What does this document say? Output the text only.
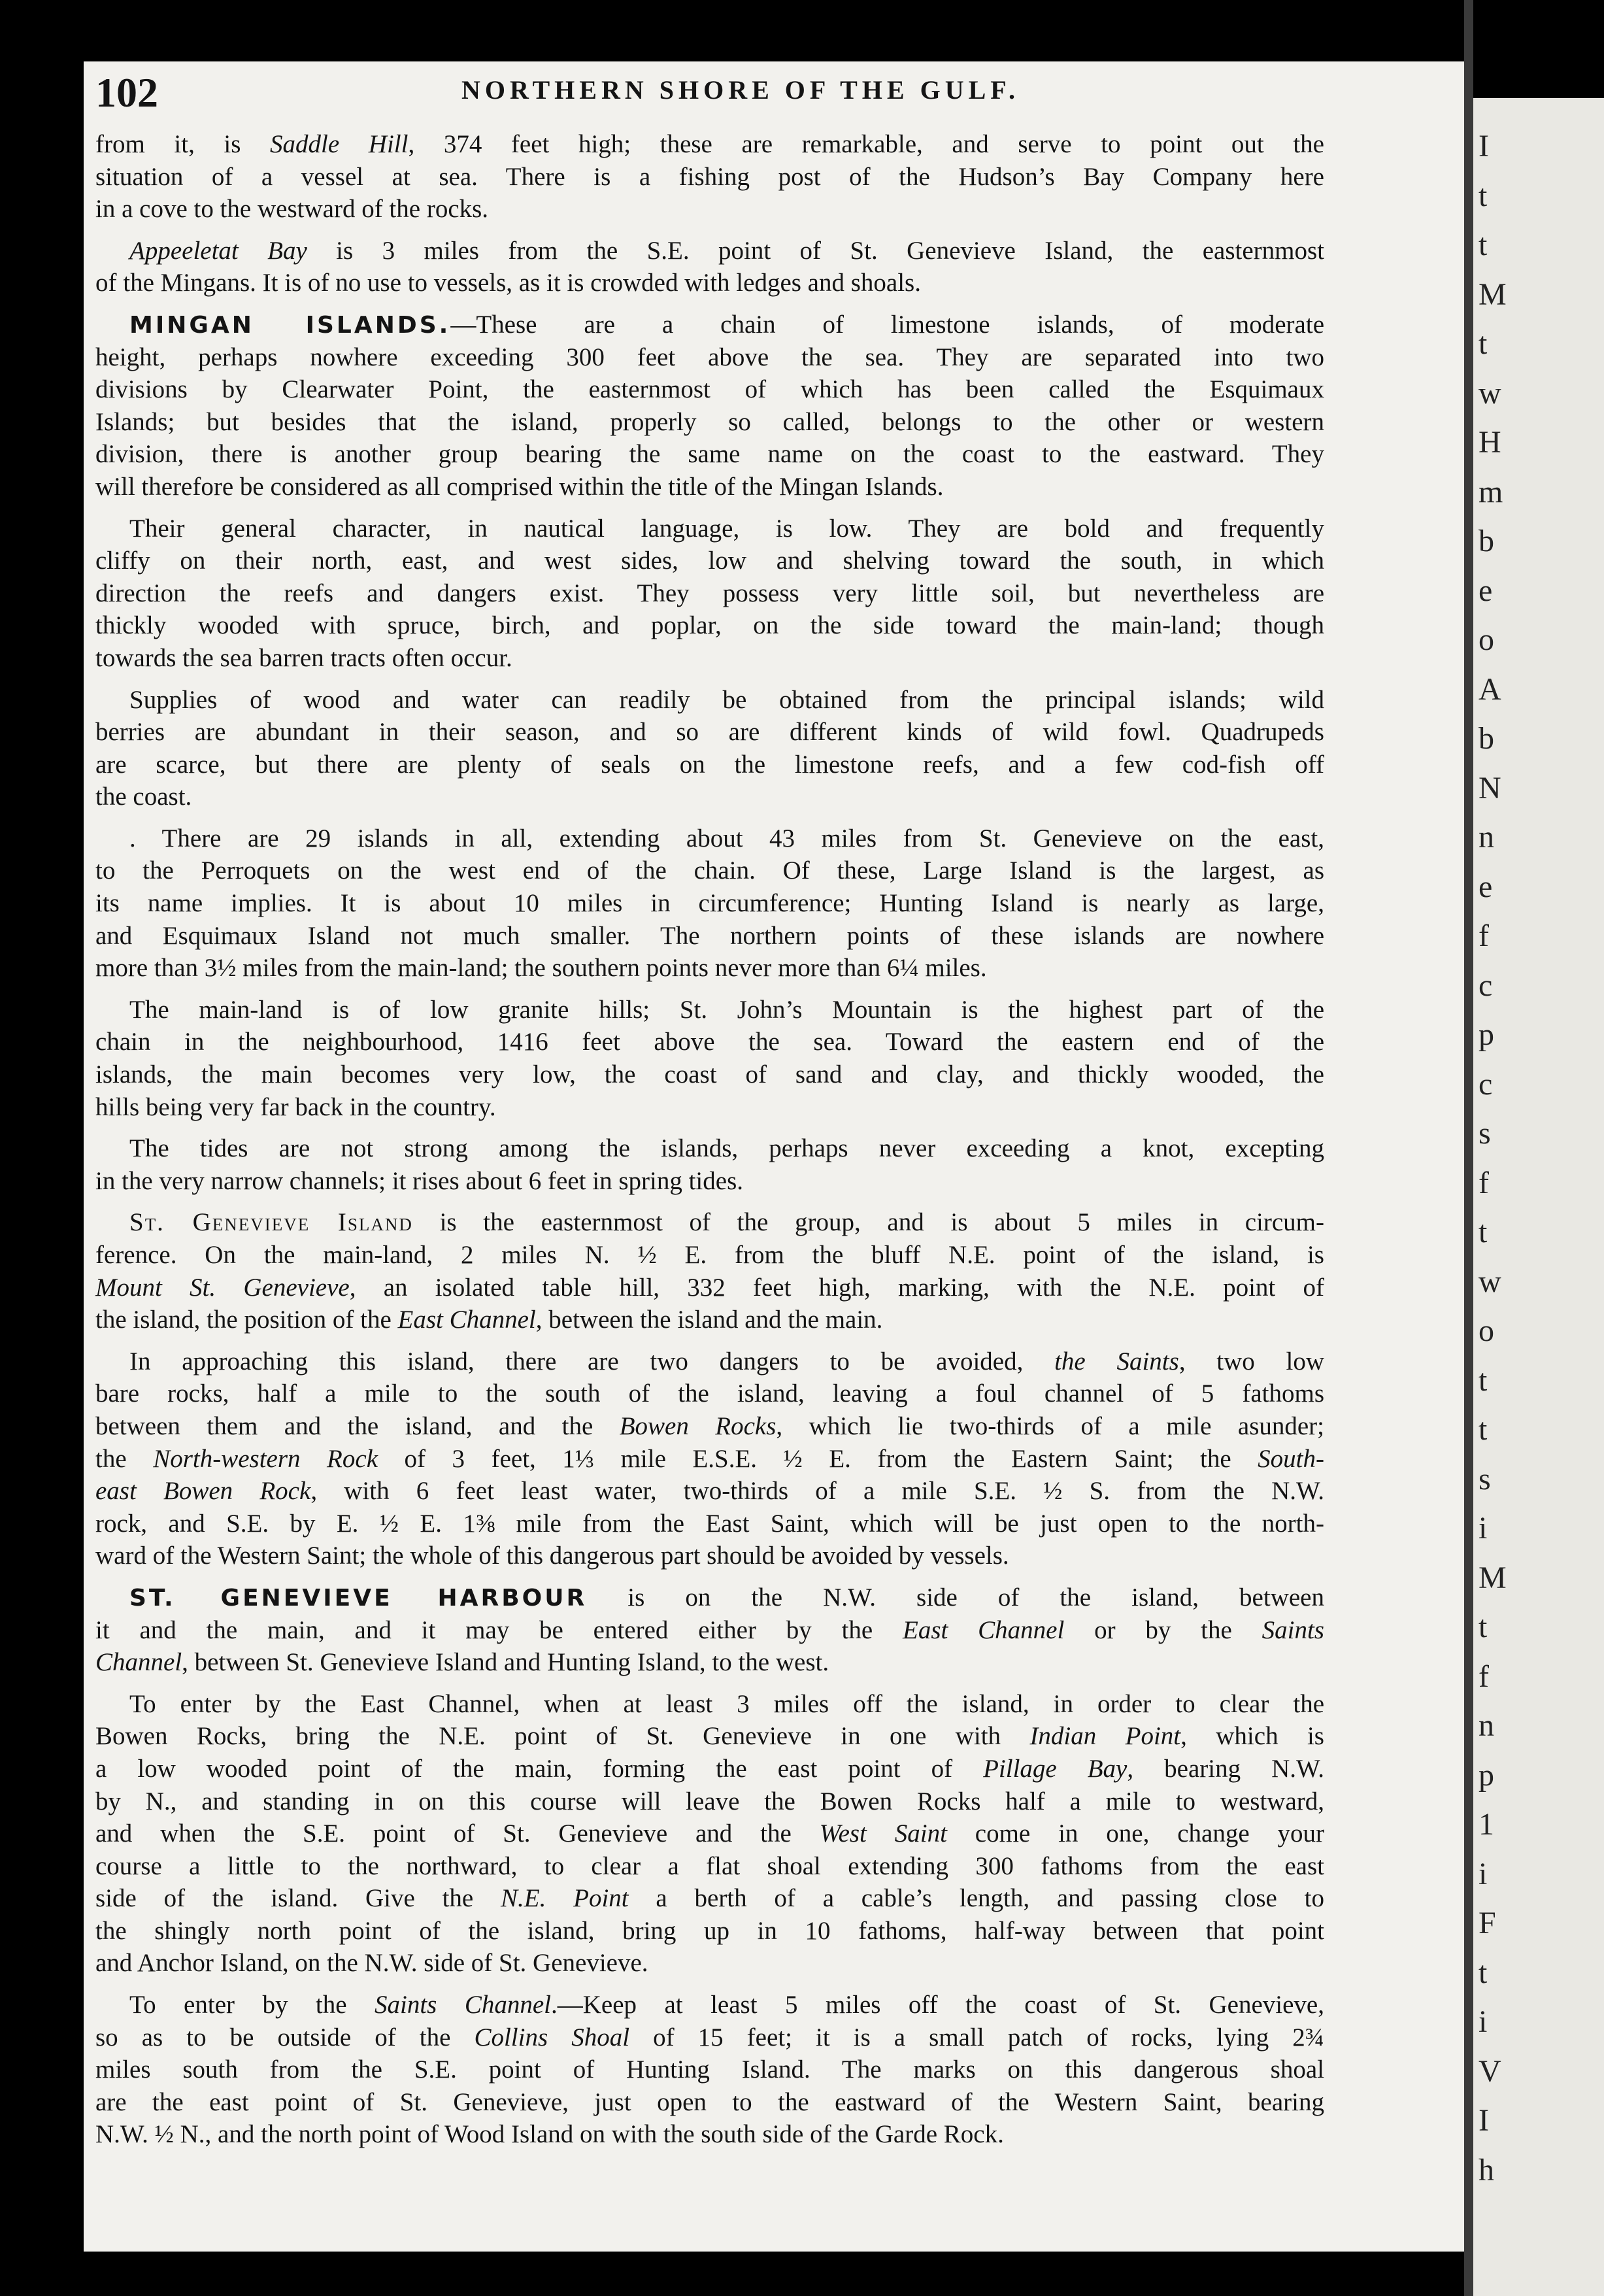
I
t
t
M
t
w
H
m
b
e
o
A
b
N
n
e
f
c
p
c
s
f
t
w
o
t
t
s
i
M
t
f
n
p
1
i
F
t
i
V
I
h
102	NORTHERN SHORE OF THE GULF.
from it, is Saddle Hill, 374 feet high; these are remarkable, and serve to point out the
situation of a vessel at sea. There is a fishing post of the Hudson’s Bay Company here
in a cove to the westward of the rocks.
Appeeletat Bay is 3 miles from the S.E. point of St. Genevieve Island, the easternmost
of the Mingans. It is of no use to vessels, as it is crowded with ledges and shoals.
MINGAN ISLANDS.—These are a chain of limestone islands, of moderate
height, perhaps nowhere exceeding 300 feet above the sea. They are separated into two
divisions by Clearwater Point, the easternmost of which has been called the Esquimaux
Islands; but besides that the island, properly so called, belongs to the other or western
division, there is another group bearing the same name on the coast to the eastward. They
will therefore be considered as all comprised within the title of the Mingan Islands.
Their general character, in nautical language, is low. They are bold and frequently
cliffy on their north, east, and west sides, low and shelving toward the south, in which
direction the reefs and dangers exist. They possess very little soil, but nevertheless are
thickly wooded with spruce, birch, and poplar, on the side toward the main-land; though
towards the sea barren tracts often occur.
Supplies of wood and water can readily be obtained from the principal islands; wild
berries are abundant in their season, and so are different kinds of wild fowl. Quadrupeds
are scarce, but there are plenty of seals on the limestone reefs, and a few cod-fish off
the coast.
. There are 29 islands in all, extending about 43 miles from St. Genevieve on the east,
to the Perroquets on the west end of the chain. Of these, Large Island is the largest, as
its name implies. It is about 10 miles in circumference; Hunting Island is nearly as large,
and Esquimaux Island not much smaller. The northern points of these islands are nowhere
more than 3½ miles from the main-land; the southern points never more than 6¼ miles.
The main-land is of low granite hills; St. John’s Mountain is the highest part of the
chain in the neighbourhood, 1416 feet above the sea. Toward the eastern end of the
islands, the main becomes very low, the coast of sand and clay, and thickly wooded, the
hills being very far back in the country.
The tides are not strong among the islands, perhaps never exceeding a knot, excepting
in the very narrow channels; it rises about 6 feet in spring tides.
St. Genevieve Island is the easternmost of the group, and is about 5 miles in circum-
ference. On the main-land, 2 miles N. ½ E. from the bluff N.E. point of the island, is
Mount St. Genevieve, an isolated table hill, 332 feet high, marking, with the N.E. point of
the island, the position of the East Channel, between the island and the main.
In approaching this island, there are two dangers to be avoided, the Saints, two low
bare rocks, half a mile to the south of the island, leaving a foul channel of 5 fathoms
between them and the island, and the Bowen Rocks, which lie two-thirds of a mile asunder;
the North-western Rock of 3 feet, 1⅓ mile E.S.E. ½ E. from the Eastern Saint; the South-
east Bowen Rock, with 6 feet least water, two-thirds of a mile S.E. ½ S. from the N.W.
rock, and S.E. by E. ½ E. 1⅜ mile from the East Saint, which will be just open to the north-
ward of the Western Saint; the whole of this dangerous part should be avoided by vessels.
ST. GENEVIEVE HARBOUR is on the N.W. side of the island, between
it and the main, and it may be entered either by the East Channel or by the Saints
Channel, between St. Genevieve Island and Hunting Island, to the west.
To enter by the East Channel, when at least 3 miles off the island, in order to clear the
Bowen Rocks, bring the N.E. point of St. Genevieve in one with Indian Point, which is
a low wooded point of the main, forming the east point of Pillage Bay, bearing N.W.
by N., and standing in on this course will leave the Bowen Rocks half a mile to westward,
and when the S.E. point of St. Genevieve and the West Saint come in one, change your
course a little to the northward, to clear a flat shoal extending 300 fathoms from the east
side of the island. Give the N.E. Point a berth of a cable’s length, and passing close to
the shingly north point of the island, bring up in 10 fathoms, half-way between that point
and Anchor Island, on the N.W. side of St. Genevieve.
To enter by the Saints Channel.—Keep at least 5 miles off the coast of St. Genevieve,
so as to be outside of the Collins Shoal of 15 feet; it is a small patch of rocks, lying 2¾
miles south from the S.E. point of Hunting Island. The marks on this dangerous shoal
are the east point of St. Genevieve, just open to the eastward of the Western Saint, bearing
N.W. ½ N., and the north point of Wood Island on with the south side of the Garde Rock.
